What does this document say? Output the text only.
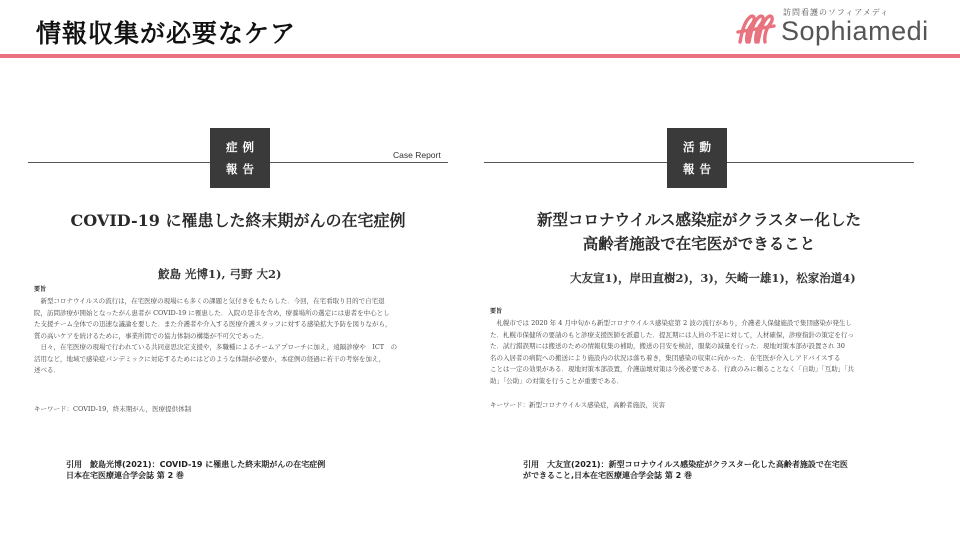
情報収集が必要なケア
訪問看護のソフィアメディ
Sophiamedi
症例
報告
Case Report
COVID-19 に罹患した終末期がんの在宅症例
鮫島 光博1), 弓野 大2)
要旨
　新型コロナウイルスの流行は，在宅医療の現場にも多くの課題と気付きをもたらした．今回，在宅看取り目的で自宅退
院，訪問診療が開始となったがん患者が COVID-19 に罹患した．入院の是非を含め，療養場所の選定には患者を中心とし
た支援チーム全体での迅速な議論を要した．また介護者や介入する医療介護スタッフに対する感染拡大予防を図りながら，
質の高いケアを続けるために，事業所間での協力体制の構築が不可欠であった．
　日々，在宅医療の現場で行われている共同意思決定支援や，多職種によるチームアプローチに加え，遠隔診療や　ICT　の
活用など，地域で感染症パンデミックに対応するためにはどのような体制が必要か，本症例の経過に若干の考察を加え，
述べる．
キーワード：COVID-19，終末期がん，医療提供体制
活動
報告
新型コロナウイルス感染症がクラスター化した
高齢者施設で在宅医ができること
大友宣1)，岸田直樹2)，3)，矢崎一雄1)，松家治道4)
要旨
　札幌市では 2020 年 4 月中旬から新型コロナウイルス感染症第 2 波の流行があり，介護老人保健施設で集団感染が発生し
た．札幌市保健所の要請のもと診療支援医師を派遣した．提瓦期には人員の不足に対して，人材確保，診療指針の策定を行っ
た．試行錯誤期には搬送のための情報収集の補助，搬送の目安を検討，服薬の減量を行った．現地対策本部が設置され 30
名の入居者の病院への搬送により施設内の状況は落ち着き，集団感染の収束に向かった．在宅医が介入しアドバイスする
ことは一定の効果がある．現地対策本部設置，介護崩壊対策は今後必要である．行政のみに頼ることなく「自助」「互助」「共
助」「公助」の対策を行うことが重要である．
キーワード：新型コロナウイルス感染症，高齢者施設，災害
引用　鮫島光博(2021)：COVID-19 に罹患した終末期がんの在宅症例
日本在宅医療連合学会誌 第 2 巻
引用　大友宣(2021)：新型コロナウイルス感染症がクラスター化した高齢者施設で在宅医
ができること,日本在宅医療連合学会誌 第 2 巻
